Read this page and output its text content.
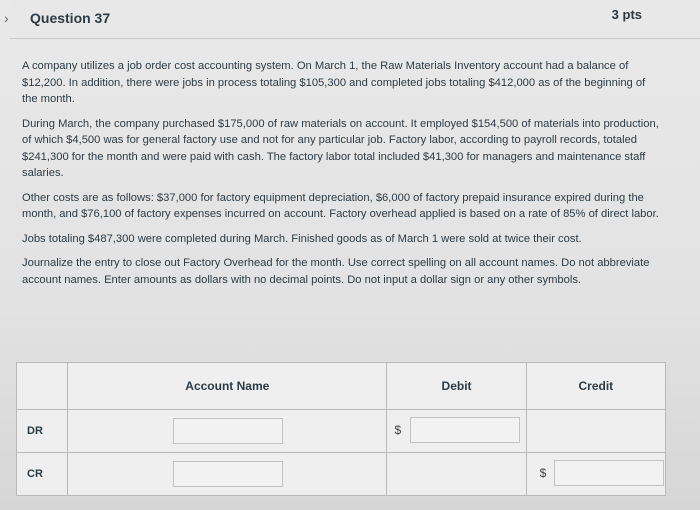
› Question 37	3 pts

A company utilizes a job order cost accounting system. On March 1, the Raw Materials Inventory account had a balance of $12,200. In addition, there were jobs in process totaling $105,300 and completed jobs totaling $412,000 as of the beginning of the month.

During March, the company purchased $175,000 of raw materials on account. It employed $154,500 of materials into production, of which $4,500 was for general factory use and not for any particular job. Factory labor, according to payroll records, totaled $241,300 for the month and were paid with cash. The factory labor total included $41,300 for managers and maintenance staff salaries.

Other costs are as follows: $37,000 for factory equipment depreciation, $6,000 of factory prepaid insurance expired during the month, and $76,100 of factory expenses incurred on account. Factory overhead applied is based on a rate of 85% of direct labor.

Jobs totaling $487,300 were completed during March. Finished goods as of March 1 were sold at twice their cost.

Journalize the entry to close out Factory Overhead for the month. Use correct spelling on all account names. Do not abbreviate account names. Enter amounts as dollars with no decimal points. Do not input a dollar sign or any other symbols.

	Account Name	Debit	Credit
DR		$	

CR			$
